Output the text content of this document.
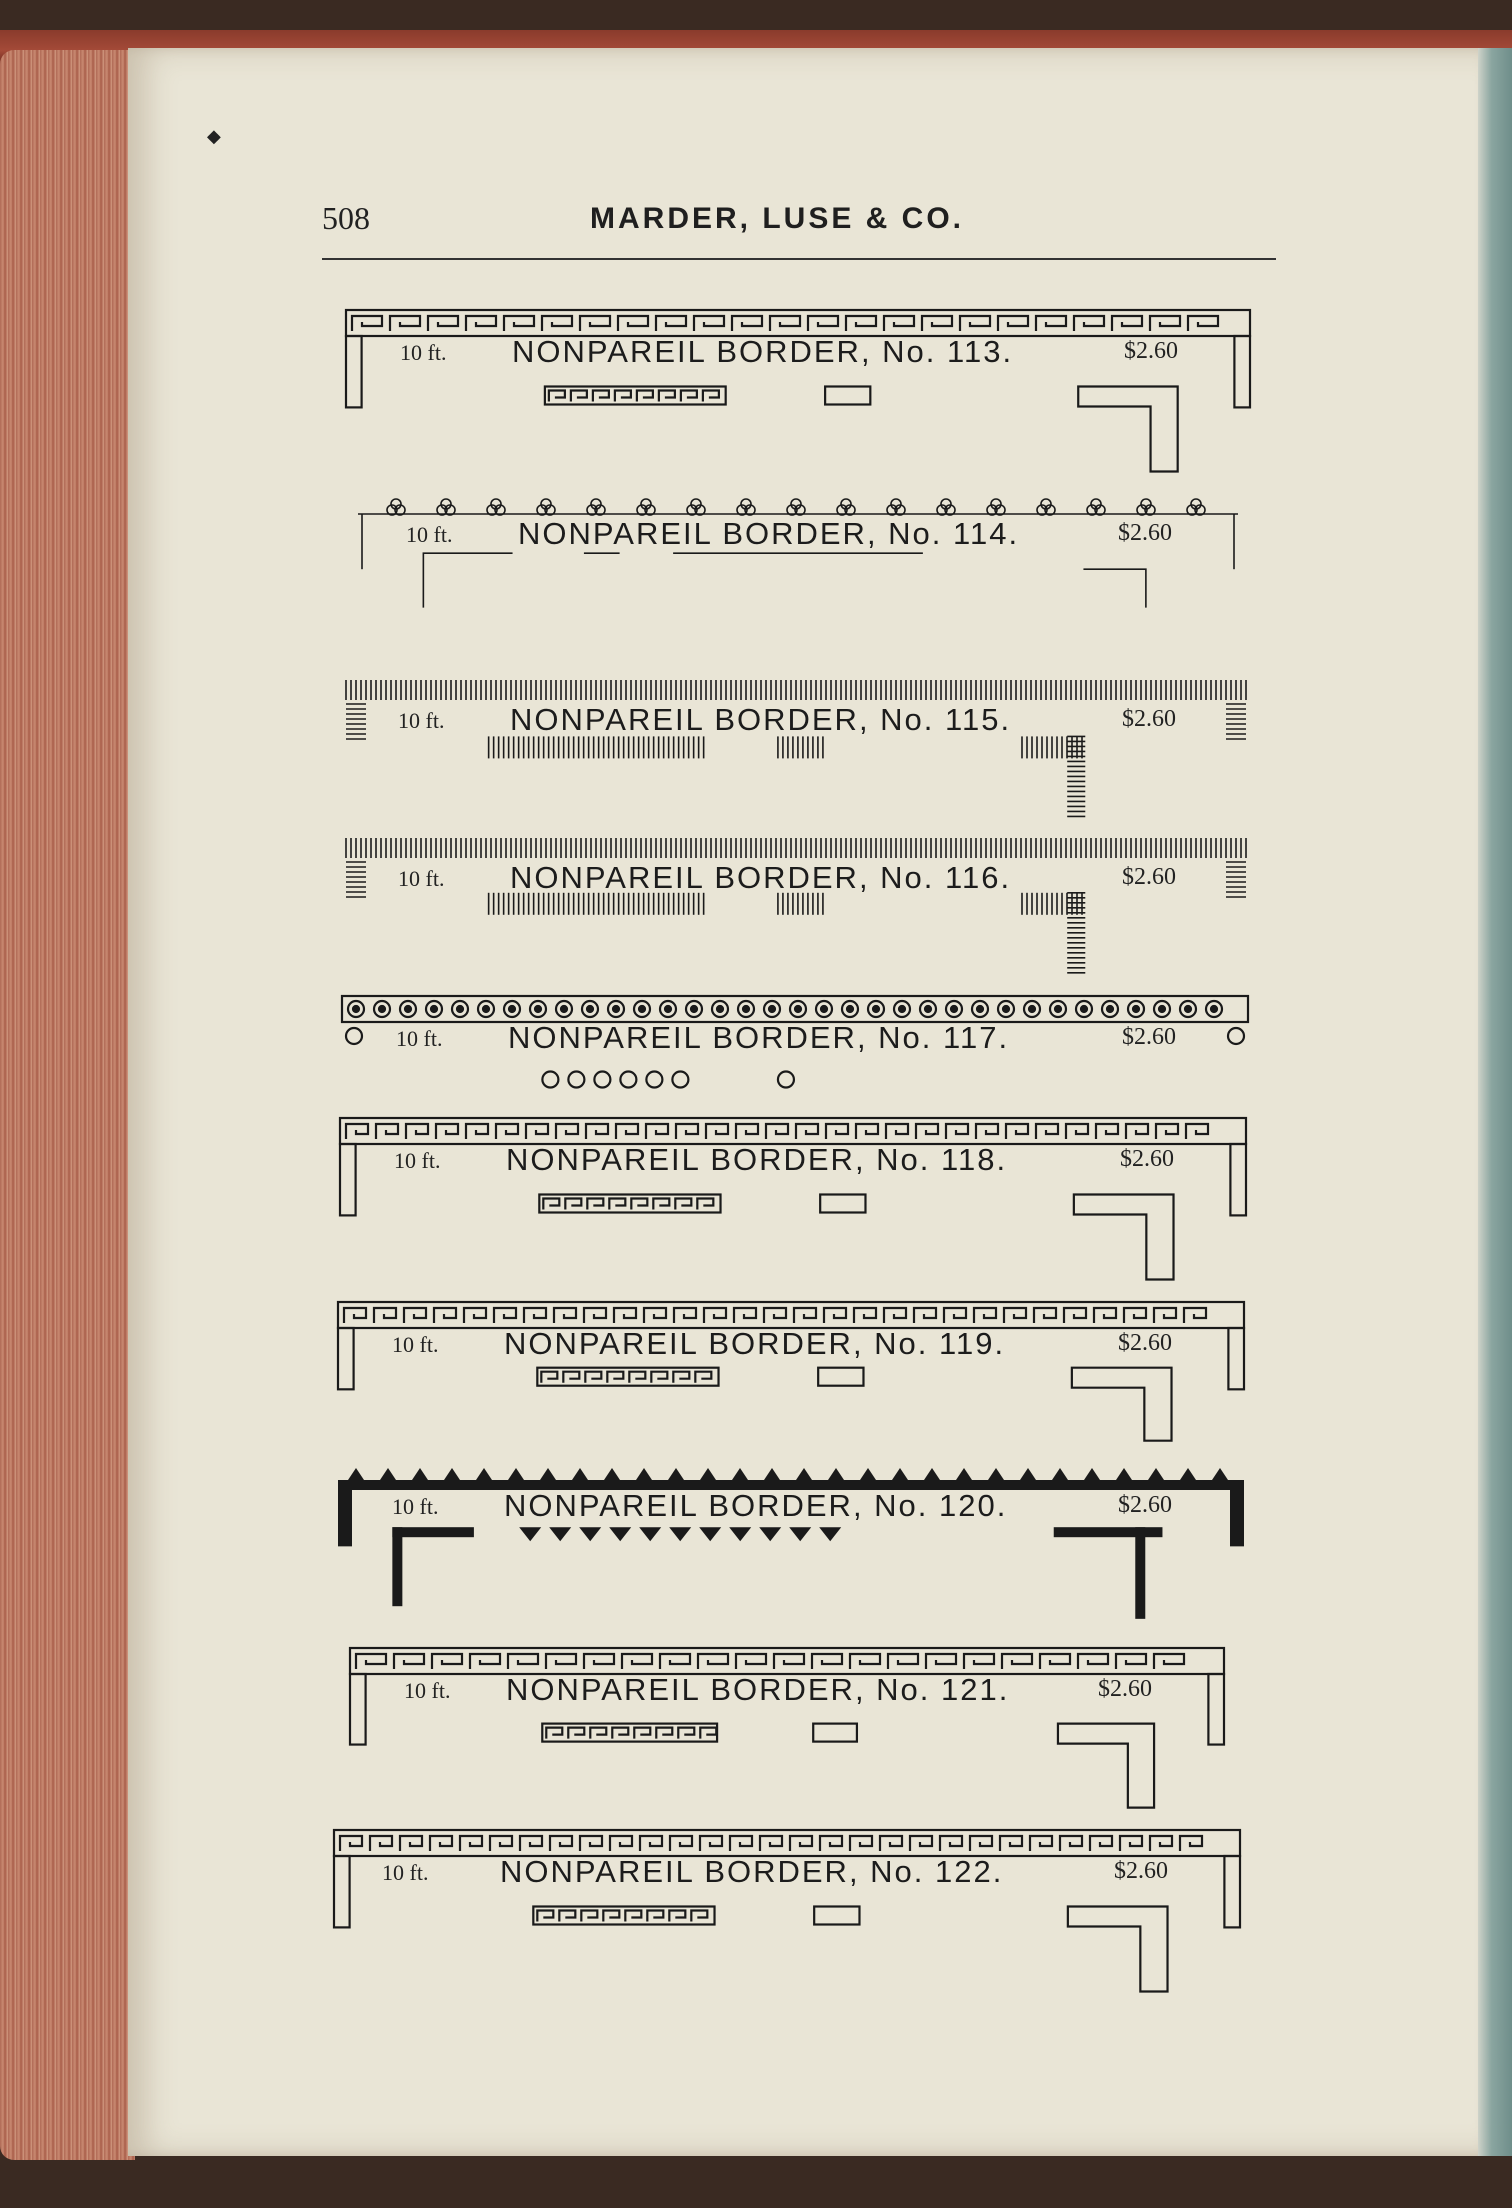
◆
508	MARDER, LUSE & CO.
10 ft. NONPAREIL BORDER, No. 113.	$2.60
10 ft. NONPAREIL BORDER, No. 114.	$2.60
10 ft. NONPAREIL BORDER, No. 115.	$2.60
10 ft. NONPAREIL BORDER, No. 116.	$2.60
10 ft. NONPAREIL BORDER, No. 117.	$2.60
10 ft. NONPAREIL BORDER, No. 118.	$2.60
10 ft. NONPAREIL BORDER, No. 119.	$2.60
10 ft. NONPAREIL BORDER, No. 120.	$2.60
10 ft. NONPAREIL BORDER, No. 121.	$2.60
10 ft. NONPAREIL BORDER, No. 122.	$2.60
